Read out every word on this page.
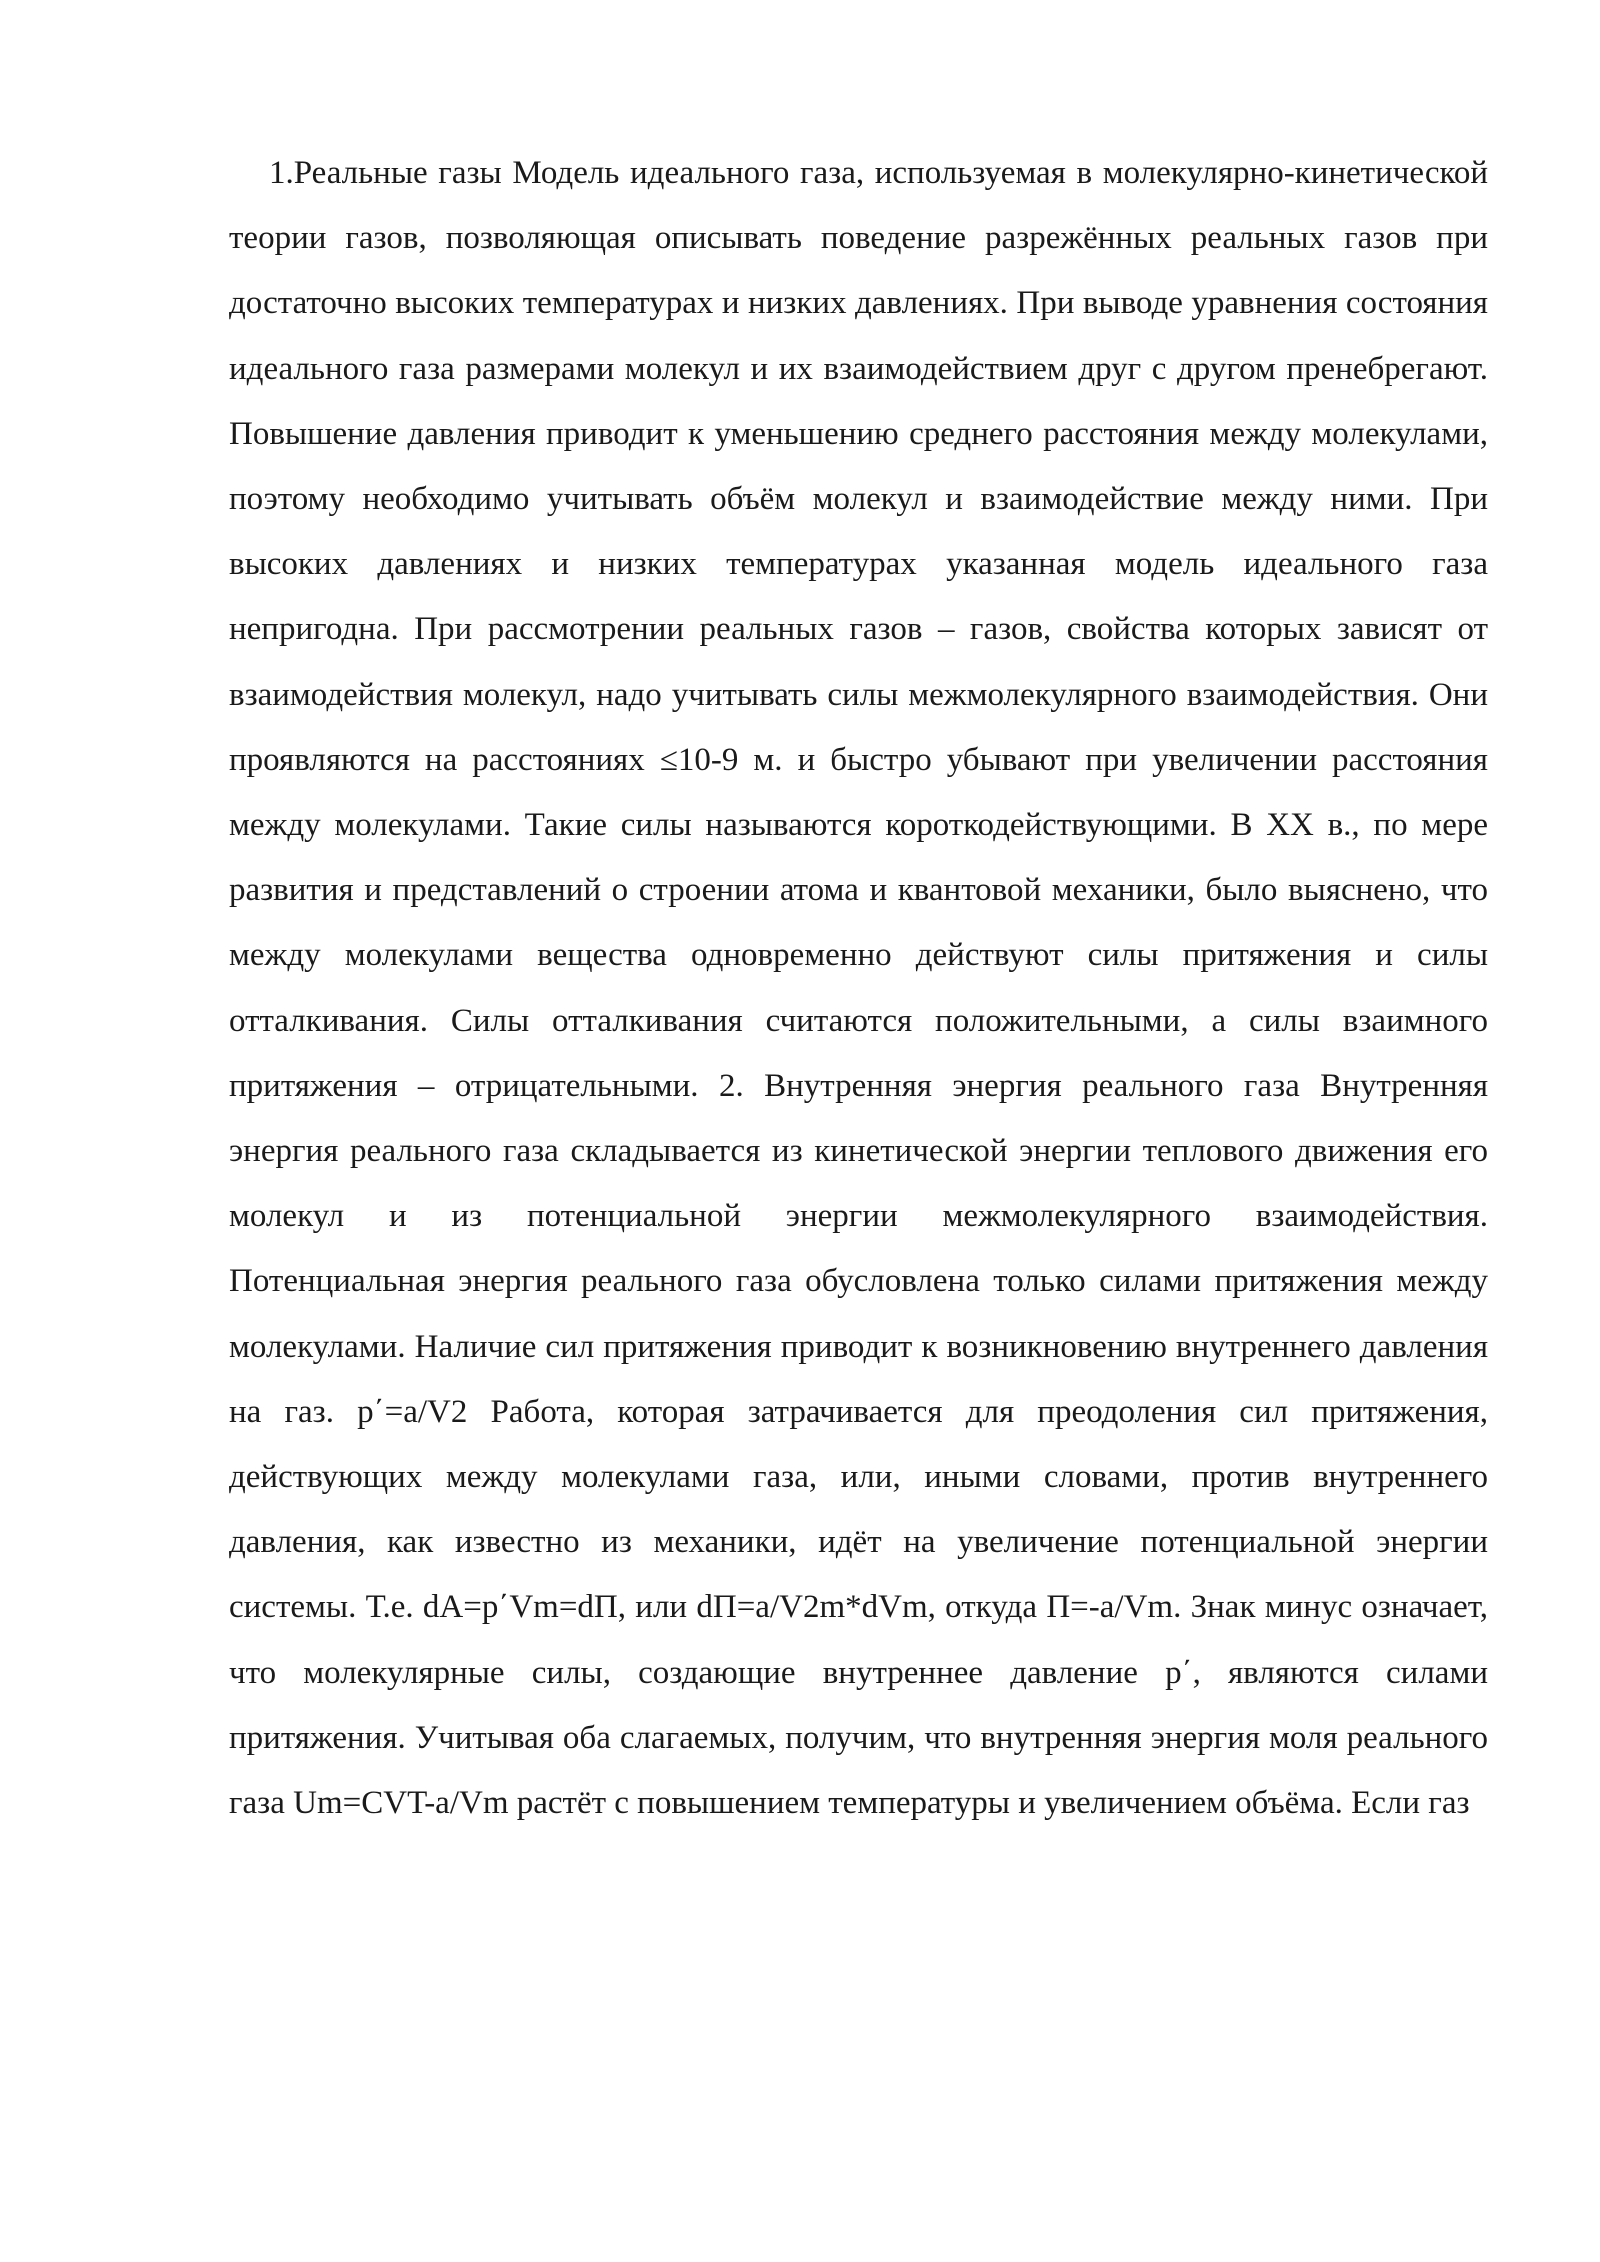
1.Реальные газы Модель идеального газа, используемая в молекулярно-кинетической теории газов, позволяющая описывать поведение разрежённых реальных газов при достаточно высоких температурах и низких давлениях. При выводе уравнения состояния идеального газа размерами молекул и их взаимодействием друг с другом пренебрегают. Повышение давления приводит к уменьшению среднего расстояния между молекулами, поэтому необходимо учитывать объём молекул и взаимодействие между ними. При высоких давлениях и низких температурах указанная модель идеального газа непригодна. При рассмотрении реальных газов – газов, свойства которых зависят от взаимодействия молекул, надо учитывать силы межмолекулярного взаимодействия. Они проявляются на расстояниях ≤10-9 м. и быстро убывают при увеличении расстояния между молекулами. Такие силы называются короткодействующими. В XX в., по мере развития и представлений о строении атома и квантовой механики, было выяснено, что между молекулами вещества одновременно действуют силы притяжения и силы отталкивания. Силы отталкивания считаются положительными, а силы взаимного притяжения – отрицательными. 2. Внутренняя энергия реального газа Внутренняя энергия реального газа складывается из кинетической энергии теплового движения его молекул и из потенциальной энергии межмолекулярного взаимодействия. Потенциальная энергия реального газа обусловлена только силами притяжения между молекулами. Наличие сил притяжения приводит к возникновению внутреннего давления на газ. p΄=a/V2 Работа, которая затрачивается для преодоления сил притяжения, действующих между молекулами газа, или, иными словами, против внутреннего давления, как известно из механики, идёт на увеличение потенциальной энергии системы. Т.е. dA=p΄Vm=dП, или dП=a/V2m*dVm, откуда П=-a/Vm. Знак минус означает, что молекулярные силы, создающие внутреннее давление p΄, являются силами притяжения. Учитывая оба слагаемых, получим, что внутренняя энергия моля реального газа Um=CVT-a/Vm растёт с повышением температуры и увеличением объёма. Если газ
